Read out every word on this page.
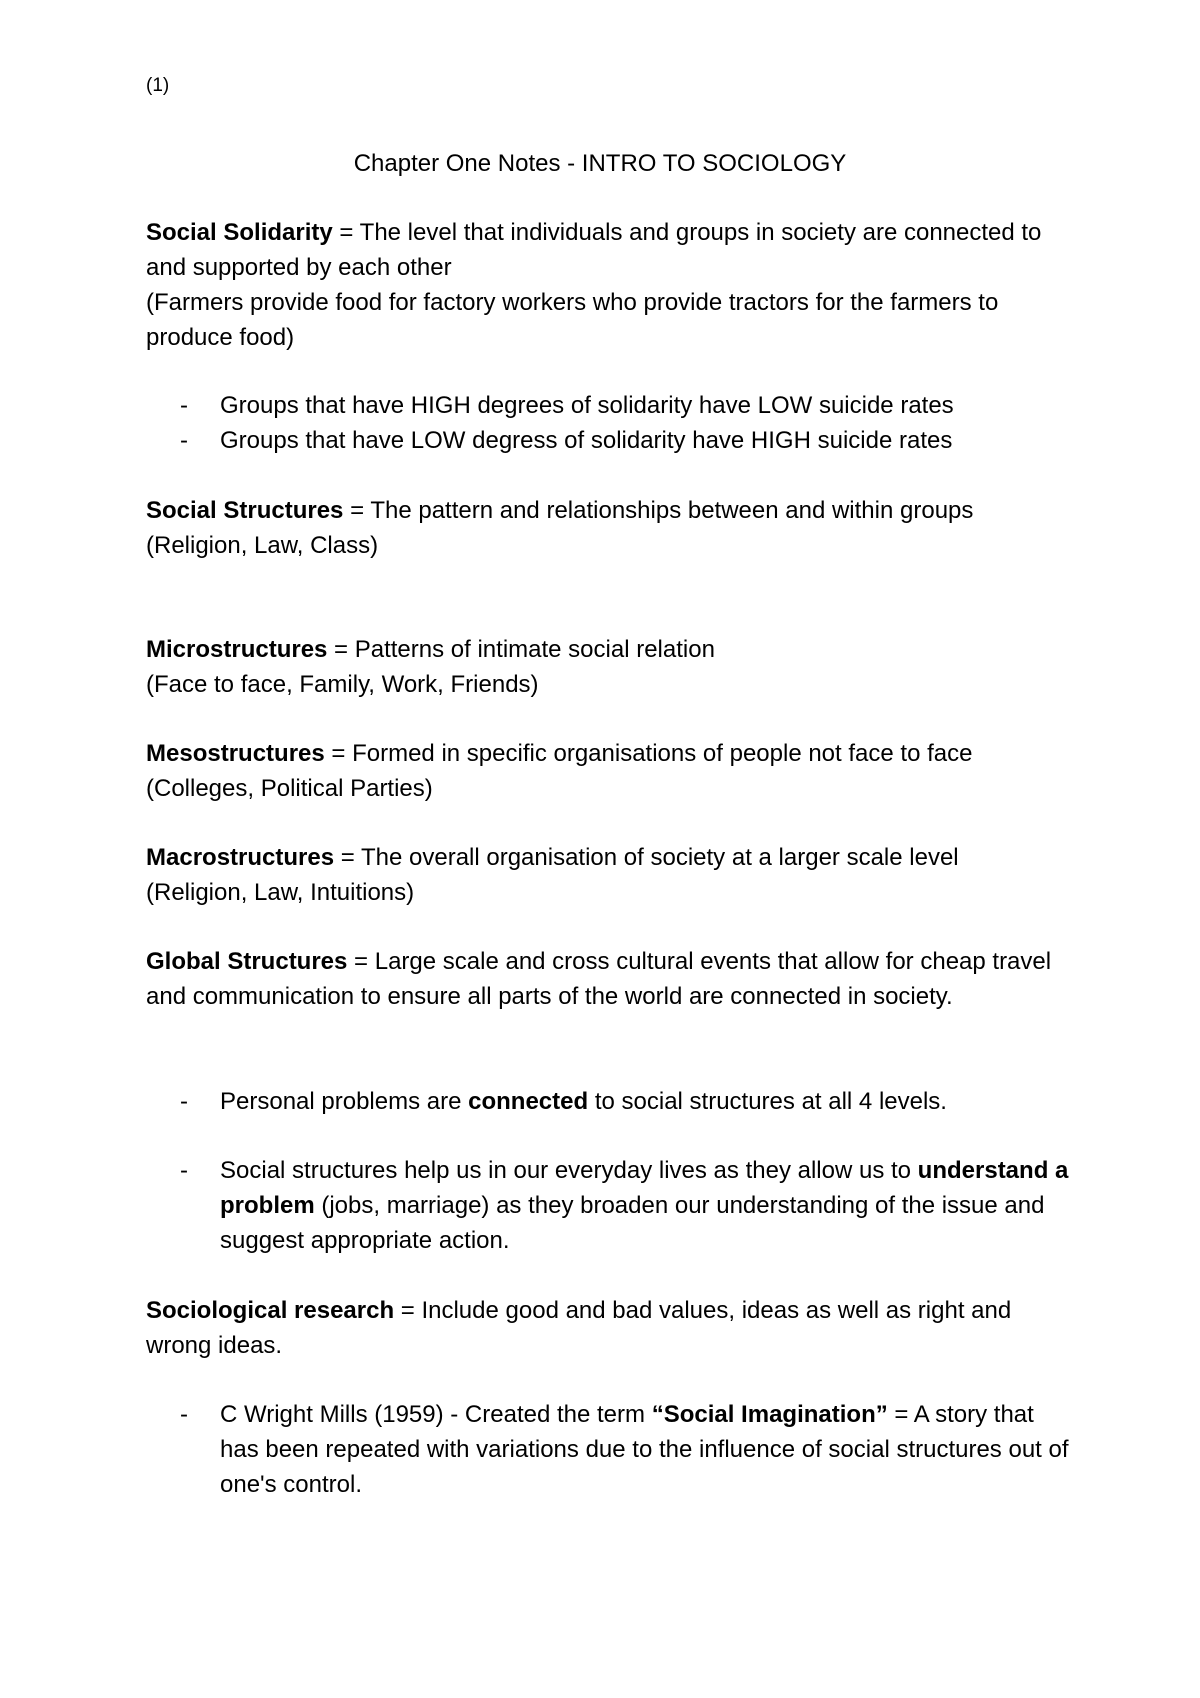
(1)
Chapter One Notes - INTRO TO SOCIOLOGY

Social Solidarity = The level that individuals and groups in society are connected to and supported by each other

(Farmers provide food for factory workers who provide tractors for the farmers to produce food)

- Groups that have HIGH degrees of solidarity have LOW suicide rates
- Groups that have LOW degress of solidarity have HIGH suicide rates

Social Structures = The pattern and relationships between and within groups

(Religion, Law, Class)

Microstructures = Patterns of intimate social relation

(Face to face, Family, Work, Friends)

Mesostructures = Formed in specific organisations of people not face to face

(Colleges, Political Parties)

Macrostructures = The overall organisation of society at a larger scale level

(Religion, Law, Intuitions)

Global Structures = Large scale and cross cultural events that allow for cheap travel and communication to ensure all parts of the world are connected in society.

- Personal problems are connected to social structures at all 4 levels.
- Social structures help us in our everyday lives as they allow us to understand a problem (jobs, marriage) as they broaden our understanding of the issue and suggest appropriate action.

Sociological research = Include good and bad values, ideas as well as right and wrong ideas.

- C Wright Mills (1959) - Created the term “Social Imagination” = A story that has been repeated with variations due to the influence of social structures out of one's control.
